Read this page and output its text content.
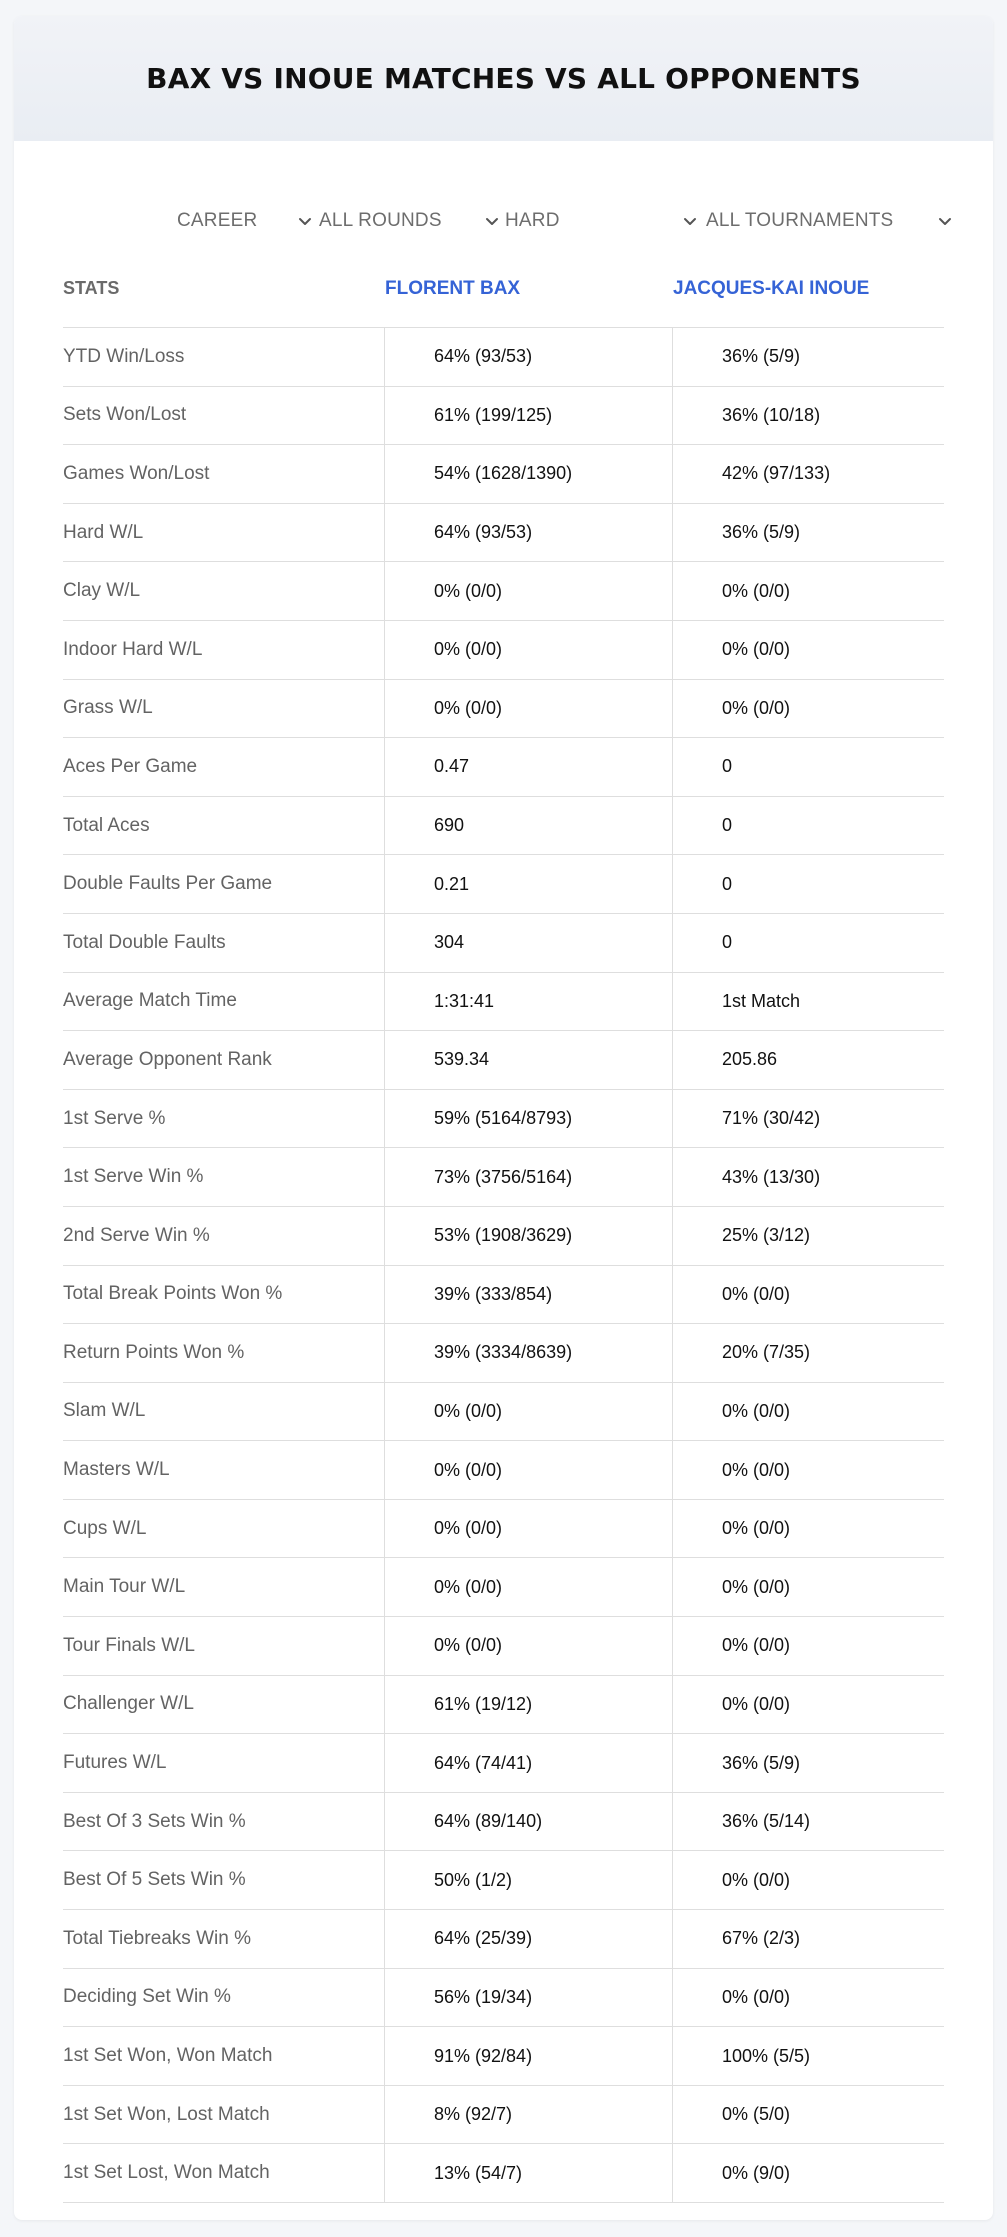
BAX VS INOUE MATCHES VS ALL OPPONENTS
CAREER	ALL ROUNDS	HARD	ALL TOURNAMENTS
STATS	FLORENT BAX	JACQUES-KAI INOUE
YTD Win/Loss	64% (93/53)	36% (5/9)
Sets Won/Lost	61% (199/125)	36% (10/18)
Games Won/Lost	54% (1628/1390)	42% (97/133)
Hard W/L	64% (93/53)	36% (5/9)
Clay W/L	0% (0/0)	0% (0/0)
Indoor Hard W/L	0% (0/0)	0% (0/0)
Grass W/L	0% (0/0)	0% (0/0)
Aces Per Game	0.47	0
Total Aces	690	0
Double Faults Per Game	0.21	0
Total Double Faults	304	0
Average Match Time	1:31:41	1st Match
Average Opponent Rank	539.34	205.86
1st Serve %	59% (5164/8793)	71% (30/42)
1st Serve Win %	73% (3756/5164)	43% (13/30)
2nd Serve Win %	53% (1908/3629)	25% (3/12)
Total Break Points Won %	39% (333/854)	0% (0/0)
Return Points Won %	39% (3334/8639)	20% (7/35)
Slam W/L	0% (0/0)	0% (0/0)
Masters W/L	0% (0/0)	0% (0/0)
Cups W/L	0% (0/0)	0% (0/0)
Main Tour W/L	0% (0/0)	0% (0/0)
Tour Finals W/L	0% (0/0)	0% (0/0)
Challenger W/L	61% (19/12)	0% (0/0)
Futures W/L	64% (74/41)	36% (5/9)
Best Of 3 Sets Win %	64% (89/140)	36% (5/14)
Best Of 5 Sets Win %	50% (1/2)	0% (0/0)
Total Tiebreaks Win %	64% (25/39)	67% (2/3)
Deciding Set Win %	56% (19/34)	0% (0/0)
1st Set Won, Won Match	91% (92/84)	100% (5/5)
1st Set Won, Lost Match	8% (92/7)	0% (5/0)
1st Set Lost, Won Match	13% (54/7)	0% (9/0)
